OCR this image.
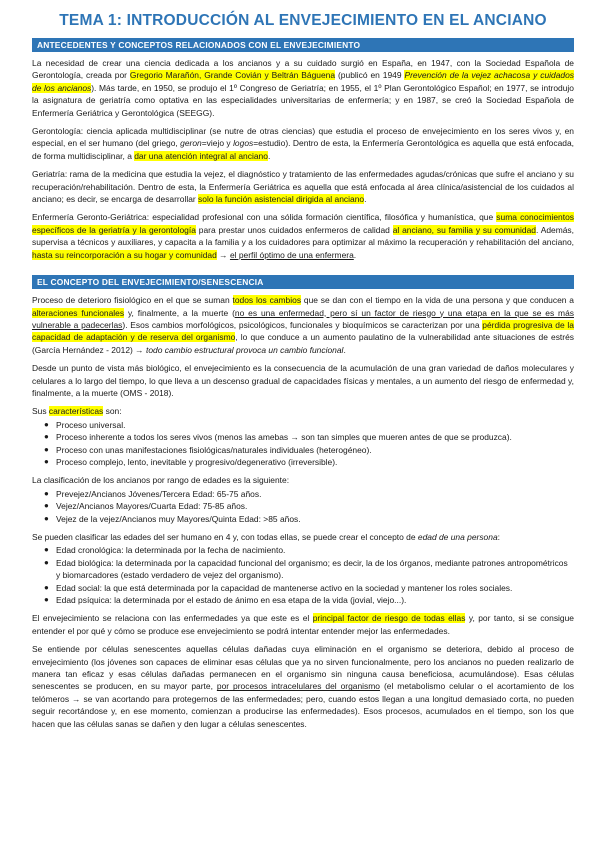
TEMA 1: INTRODUCCIÓN AL ENVEJECIMIENTO EN EL ANCIANO
ANTECEDENTES Y CONCEPTOS RELACIONADOS CON EL ENVEJECIMIENTO

La necesidad de crear una ciencia dedicada a los ancianos y a su cuidado surgió en España, en 1947, con la Sociedad Española de Gerontología, creada por Gregorio Marañón, Grande Covián y Beltrán Báguena (publicó en 1949 Prevención de la vejez achacosa y cuidados de los ancianos). Más tarde, en 1950, se produjo el 1º Congreso de Geriatría; en 1955, el 1º Plan Gerontológico Español; en 1977, se introdujo la asignatura de geriatría como optativa en las especialidades universitarias de enfermería; y en 1987, se creó la Sociedad Española de Enfermería Geriátrica y Gerontológica (SEEGG).

Gerontología: ciencia aplicada multidisciplinar (se nutre de otras ciencias) que estudia el proceso de envejecimiento en los seres vivos y, en especial, en el ser humano (del griego, geron=viejo y logos=estudio). Dentro de esta, la Enfermería Gerontológica es aquella que está enfocada, de forma multidisciplinar, a dar una atención integral al anciano.

Geriatría: rama de la medicina que estudia la vejez, el diagnóstico y tratamiento de las enfermedades agudas/crónicas que sufre el anciano y su recuperación/rehabilitación. Dentro de esta, la Enfermería Geriátrica es aquella que está enfocada al área clínica/asistencial de los cuidados al anciano; es decir, se encarga de desarrollar solo la función asistencial dirigida al anciano.

Enfermería Geronto-Geriátrica: especialidad profesional con una sólida formación científica, filosófica y humanística, que suma conocimientos específicos de la geriatría y la gerontología para prestar unos cuidados enfermeros de calidad al anciano, su familia y su comunidad. Además, supervisa a técnicos y auxiliares, y capacita a la familia y a los cuidadores para optimizar al máximo la recuperación y rehabilitación del anciano, hasta su reincorporación a su hogar y comunidad → el perfil óptimo de una enfermera.

EL CONCEPTO DEL ENVEJECIMIENTO/SENESCENCIA

Proceso de deterioro fisiológico en el que se suman todos los cambios que se dan con el tiempo en la vida de una persona y que conducen a alteraciones funcionales y, finalmente, a la muerte (no es una enfermedad, pero sí un factor de riesgo y una etapa en la que se es más vulnerable a padecerlas). Esos cambios morfológicos, psicológicos, funcionales y bioquímicos se caracterizan por una pérdida progresiva de la capacidad de adaptación y de reserva del organismo, lo que conduce a un aumento paulatino de la vulnerabilidad ante situaciones de estrés (García Hernández - 2012) → todo cambio estructural provoca un cambio funcional.

Desde un punto de vista más biológico, el envejecimiento es la consecuencia de la acumulación de una gran variedad de daños moleculares y celulares a lo largo del tiempo, lo que lleva a un descenso gradual de capacidades físicas y mentales, a un aumento del riesgo de enfermedad y, finalmente, a la muerte (OMS - 2018).

Sus características son:

● Proceso universal.
● Proceso inherente a todos los seres vivos (menos las amebas → son tan simples que mueren antes de que se produzca).
● Proceso con unas manifestaciones fisiológicas/naturales individuales (heterogéneo).
● Proceso complejo, lento, inevitable y progresivo/degenerativo (irreversible).

La clasificación de los ancianos por rango de edades es la siguiente:

● Prevejez/Ancianos Jóvenes/Tercera Edad: 65-75 años.
● Vejez/Ancianos Mayores/Cuarta Edad: 75-85 años.
● Vejez de la vejez/Ancianos muy Mayores/Quinta Edad: >85 años.

Se pueden clasificar las edades del ser humano en 4 y, con todas ellas, se puede crear el concepto de edad de una persona:

● Edad cronológica: la determinada por la fecha de nacimiento.
● Edad biológica: la determinada por la capacidad funcional del organismo; es decir, la de los órganos, mediante patrones antropométricos y biomarcadores (estado verdadero de vejez del organismo).
● Edad social: la que está determinada por la capacidad de mantenerse activo en la sociedad y mantener los roles sociales.
● Edad psíquica: la determinada por el estado de ánimo en esa etapa de la vida (jovial, viejo...).

El envejecimiento se relaciona con las enfermedades ya que este es el principal factor de riesgo de todas ellas y, por tanto, si se consigue entender el por qué y cómo se produce ese envejecimiento se podrá intentar entender mejor las enfermedades.

Se entiende por células senescentes aquellas células dañadas cuya eliminación en el organismo se deteriora, debido al proceso de envejecimiento (los jóvenes son capaces de eliminar esas células que ya no sirven funcionalmente, pero los ancianos no pueden realizarlo de manera tan eficaz y esas células dañadas permanecen en el organismo sin ninguna causa beneficiosa, acumulándose). Esas células senescentes se producen, en su mayor parte, por procesos intracelulares del organismo (el metabolismo celular o el acortamiento de los telómeros → se van acortando para protegernos de las enfermedades; pero, cuando estos llegan a una longitud demasiado corta, no pueden seguir recortándose y, en ese momento, comienzan a producirse las enfermedades). Esos procesos, acumulados en el tiempo, son los que hacen que las células sanas se dañen y den lugar a células senescentes.
